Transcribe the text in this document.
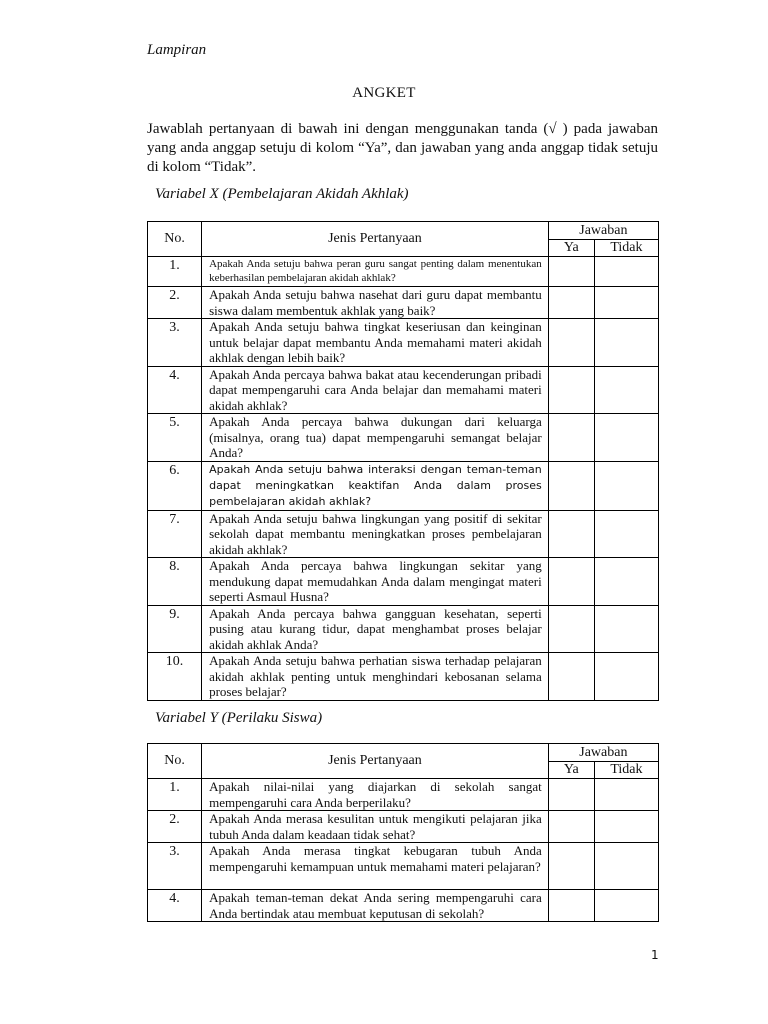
Lampiran
ANGKET
Jawablah pertanyaan di bawah ini dengan menggunakan tanda (√ ) pada jawaban yang anda anggap setuju di kolom “Ya”, dan jawaban yang anda anggap tidak setuju di kolom “Tidak”.
Variabel X (Pembelajaran Akidah Akhlak)
No.	Jenis Pertanyaan	Jawaban	
		Ya	Tidak
1.	Apakah Anda setuju bahwa peran guru sangat penting dalam menentukan keberhasilan pembelajaran akidah akhlak?		
2.	Apakah Anda setuju bahwa nasehat dari guru dapat membantu siswa dalam membentuk akhlak yang baik?		
3.	Apakah Anda setuju bahwa tingkat keseriusan dan keinginan untuk belajar dapat membantu Anda memahami materi akidah akhlak dengan lebih baik?		
4.	Apakah Anda percaya bahwa bakat atau kecenderungan pribadi dapat mempengaruhi cara Anda belajar dan memahami materi akidah akhlak?		
5.	Apakah Anda percaya bahwa dukungan dari keluarga (misalnya, orang tua) dapat mempengaruhi semangat belajar Anda?		
6.	Apakah Anda setuju bahwa interaksi dengan teman-teman dapat meningkatkan keaktifan Anda dalam proses pembelajaran akidah akhlak?		
7.	Apakah Anda setuju bahwa lingkungan yang positif di sekitar sekolah dapat membantu meningkatkan proses pembelajaran akidah akhlak?		
8.	Apakah Anda percaya bahwa lingkungan sekitar yang mendukung dapat memudahkan Anda dalam mengingat materi seperti Asmaul Husna?		
9.	Apakah Anda percaya bahwa gangguan kesehatan, seperti pusing atau kurang tidur, dapat menghambat proses belajar akidah akhlak Anda?		
10.	Apakah Anda setuju bahwa perhatian siswa terhadap pelajaran akidah akhlak penting untuk menghindari kebosanan selama proses belajar?		
Variabel Y (Perilaku Siswa)
No.	Jenis Pertanyaan	Jawaban	
		Ya	Tidak
1.	Apakah nilai-nilai yang diajarkan di sekolah sangat mempengaruhi cara Anda berperilaku?		
2.	Apakah Anda merasa kesulitan untuk mengikuti pelajaran jika tubuh Anda dalam keadaan tidak sehat?		
3.	Apakah Anda merasa tingkat kebugaran tubuh Anda mempengaruhi kemampuan untuk memahami materi pelajaran?		
4.	Apakah teman-teman dekat Anda sering mempengaruhi cara Anda bertindak atau membuat keputusan di sekolah?		
1
